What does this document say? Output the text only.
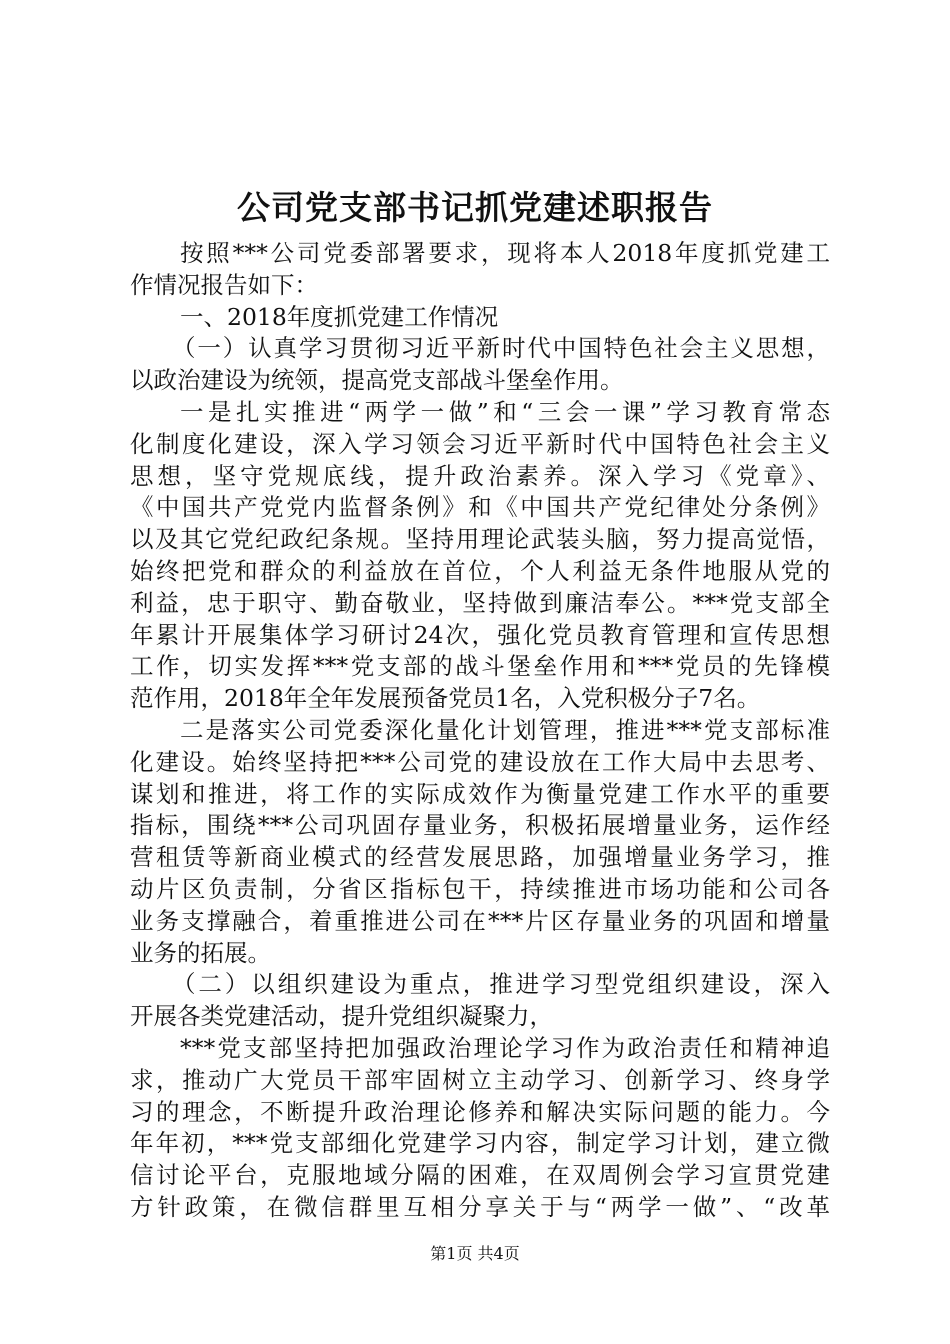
公司党支部书记抓党建述职报告
按照***公司党委部署要求，现将本人2018年度抓党建工
作情况报告如下：
一、2018年度抓党建工作情况
（一）认真学习贯彻习近平新时代中国特色社会主义思想，
以政治建设为统领，提高党支部战斗堡垒作用。
一是扎实推进“两学一做”和“三会一课”学习教育常态
化制度化建设，深入学习领会习近平新时代中国特色社会主义
思想，坚守党规底线，提升政治素养。深入学习《党章》、
《中国共产党党内监督条例》和《中国共产党纪律处分条例》
以及其它党纪政纪条规。坚持用理论武装头脑，努力提高觉悟，
始终把党和群众的利益放在首位，个人利益无条件地服从党的
利益，忠于职守、勤奋敬业，坚持做到廉洁奉公。***党支部全
年累计开展集体学习研讨24次，强化党员教育管理和宣传思想
工作，切实发挥***党支部的战斗堡垒作用和***党员的先锋模
范作用，2018年全年发展预备党员1名，入党积极分子7名。
二是落实公司党委深化量化计划管理，推进***党支部标准
化建设。始终坚持把***公司党的建设放在工作大局中去思考、
谋划和推进，将工作的实际成效作为衡量党建工作水平的重要
指标，围绕***公司巩固存量业务，积极拓展增量业务，运作经
营租赁等新商业模式的经营发展思路，加强增量业务学习，推
动片区负责制，分省区指标包干，持续推进市场功能和公司各
业务支撑融合，着重推进公司在***片区存量业务的巩固和增量
业务的拓展。
（二）以组织建设为重点，推进学习型党组织建设，深入
开展各类党建活动，提升党组织凝聚力，
***党支部坚持把加强政治理论学习作为政治责任和精神追
求，推动广大党员干部牢固树立主动学习、创新学习、终身学
习的理念，不断提升政治理论修养和解决实际问题的能力。今
年年初，***党支部细化党建学习内容，制定学习计划，建立微
信讨论平台，克服地域分隔的困难，在双周例会学习宣贯党建
方针政策，在微信群里互相分享关于与“两学一做”、“改革
第1页 共4页
